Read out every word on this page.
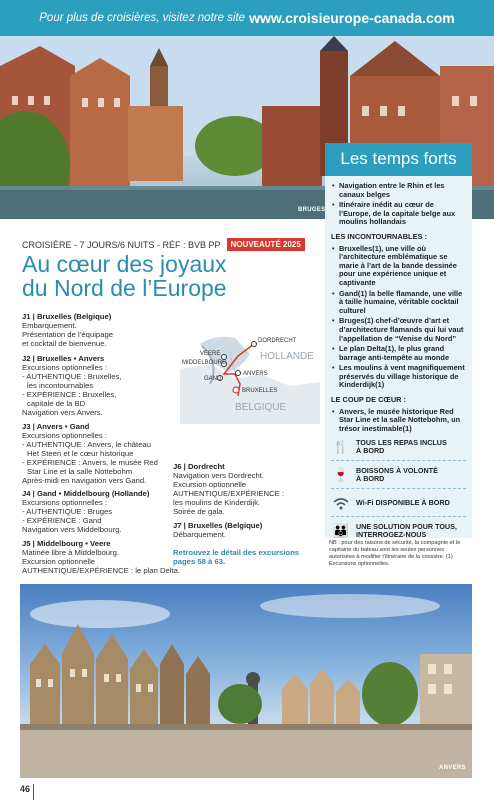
Pour plus de croisières, visitez notre site www.croisieurope-canada.com
BRUGES
CROISIÈRE - 7 JOURS/6 NUITS - RÉF : BVB PP	NOUVEAUTÉ 2025
Au cœur des joyaux
du Nord de l’Europe
J1 | Bruxelles (Belgique)
Embarquement.
Présentation de l’équipage
et cocktail de bienvenue.
J2 | Bruxelles • Anvers
Excursions optionnelles :
- AUTHENTIQUE : Bruxelles,
les incontournables
- EXPÉRIENCE : Bruxelles,
capitale de la BD
Navigation vers Anvers.
J3 | Anvers • Gand
Excursions optionnelles :
- AUTHENTIQUE : Anvers, le château
Het Steen et le cœur historique
- EXPÉRIENCE : Anvers, le musée Red
Star Line et la salle Nottebohm
Après-midi en navigation vers Gand.
J4 | Gand • Middelbourg (Hollande)
Excursions optionnelles :
- AUTHENTIQUE : Bruges
- EXPÉRIENCE : Gand
Navigation vers Middelbourg.
J5 | Middelbourg • Veere
Matinée libre à Middelbourg.
Excursion optionnelle
AUTHENTIQUE/EXPÉRIENCE : le plan Delta.
J6 | Dordrecht
Navigation vers Dordrecht.
Excursion optionnelle
AUTHENTIQUE/EXPÉRIENCE :
les moulins de Kinderdijk.
Soirée de gala.
J7 | Bruxelles (Belgique)
Débarquement.
Retrouvez le détail des excursions pages 58 à 63.
DORDRECHT
VEERE
MIDDELBOURG
ANVERS
GAND
BRUXELLES
HOLLANDE
BELGIQUE
Les temps forts
• Navigation entre le Rhin et les canaux belges
• Itinéraire inédit au cœur de l’Europe, de la capitale belge aux moulins hollandais
LES INCONTOURNABLES :
• Bruxelles(1), une ville où l’architecture emblématique se marie à l’art de la bande dessinée pour une expérience unique et captivante
• Gand(1) la belle flamande, une ville à taille humaine, véritable cocktail culturel
• Bruges(1) chef-d’œuvre d’art et d’architecture flamands qui lui vaut l’appellation de “Venise du Nord”
• Le plan Delta(1), le plus grand barrage anti-tempête au monde
• Les moulins à vent magnifiquement préservés du village historique de Kinderdijk(1)
LE COUP DE CŒUR :
• Anvers, le musée historique Red Star Line et la salle Nottebohm, un trésor inestimable(1)
🍴 TOUS LES REPAS INCLUS
À BORD
🍷 BOISSONS À VOLONTÉ
À BORD
Wi-Fi DISPONIBLE À BORD
👪 UNE SOLUTION POUR TOUS,
INTERROGEZ-NOUS
NB : pour des raisons de sécurité, la compagnie et le capitaine du bateau sont les seules personnes autorisées à modifier l’itinéraire de la croisière. (1) Excursions optionnelles.
ANVERS
46
